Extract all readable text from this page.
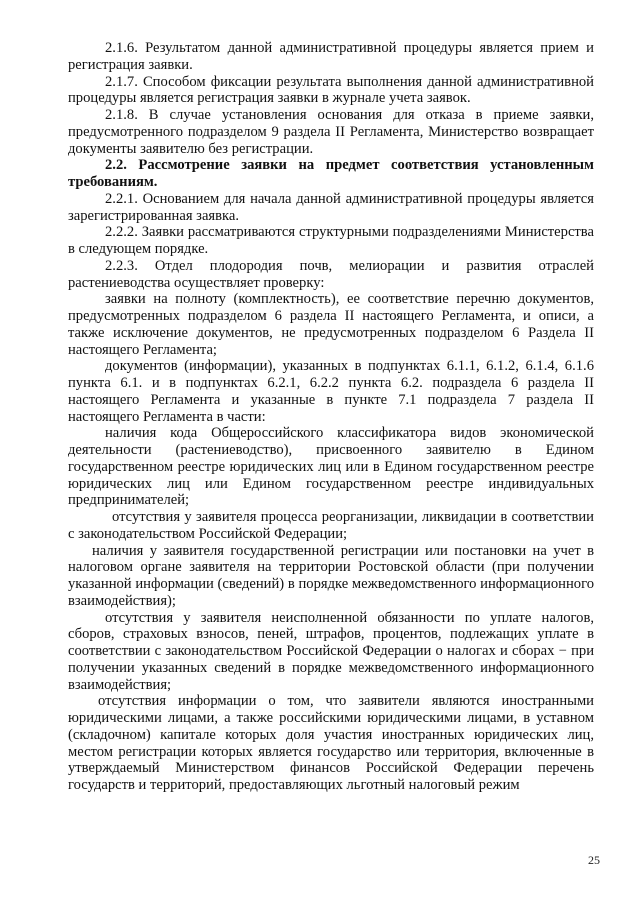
2.1.6. Результатом данной административной процедуры является прием и регистрация заявки.

2.1.7. Способом фиксации результата выполнения данной административной процедуры является регистрация заявки в журнале учета заявок.

2.1.8. В случае установления основания для отказа в приеме заявки, предусмотренного подразделом 9 раздела II Регламента, Министерство возвращает документы заявителю без регистрации.

2.2. Рассмотрение заявки на предмет соответствия установленным требованиям.

2.2.1. Основанием для начала данной административной процедуры является зарегистрированная заявка.

2.2.2. Заявки рассматриваются структурными подразделениями Министерства в следующем порядке.

2.2.3. Отдел плодородия почв, мелиорации и развития отраслей растениеводства осуществляет проверку:

заявки на полноту (комплектность), ее соответствие перечню документов, предусмотренных подразделом 6 раздела II настоящего Регламента, и описи, а также исключение документов, не предусмотренных подразделом 6 Раздела II настоящего Регламента;

документов (информации), указанных в подпунктах 6.1.1, 6.1.2, 6.1.4, 6.1.6 пункта 6.1. и в подпунктах 6.2.1, 6.2.2 пункта 6.2. подраздела 6 раздела II настоящего Регламента и указанные в пункте 7.1 подраздела 7 раздела II настоящего Регламента в части:

наличия кода Общероссийского классификатора видов экономической деятельности (растениеводство), присвоенного заявителю в Едином государственном реестре юридических лиц или в Едином государственном реестре юридических лиц или Едином государственном реестре индивидуальных предпринимателей;

отсутствия у заявителя процесса реорганизации, ликвидации в соответствии с законодательством Российской Федерации;

наличия у заявителя государственной регистрации или постановки на учет в налоговом органе заявителя на территории Ростовской области (при получении указанной информации (сведений) в порядке межведомственного информационного взаимодействия);

отсутствия у заявителя неисполненной обязанности по уплате налогов, сборов, страховых взносов, пеней, штрафов, процентов, подлежащих уплате в соответствии с законодательством Российской Федерации о налогах и сборах − при получении указанных сведений в порядке межведомственного информационного взаимодействия;

отсутствия информации о том, что заявители являются иностранными юридическими лицами, а также российскими юридическими лицами, в уставном (складочном) капитале которых доля участия иностранных юридических лиц, местом регистрации которых является государство или территория, включенные в утверждаемый Министерством финансов Российской Федерации перечень государств и территорий, предоставляющих льготный налоговый режим

25
